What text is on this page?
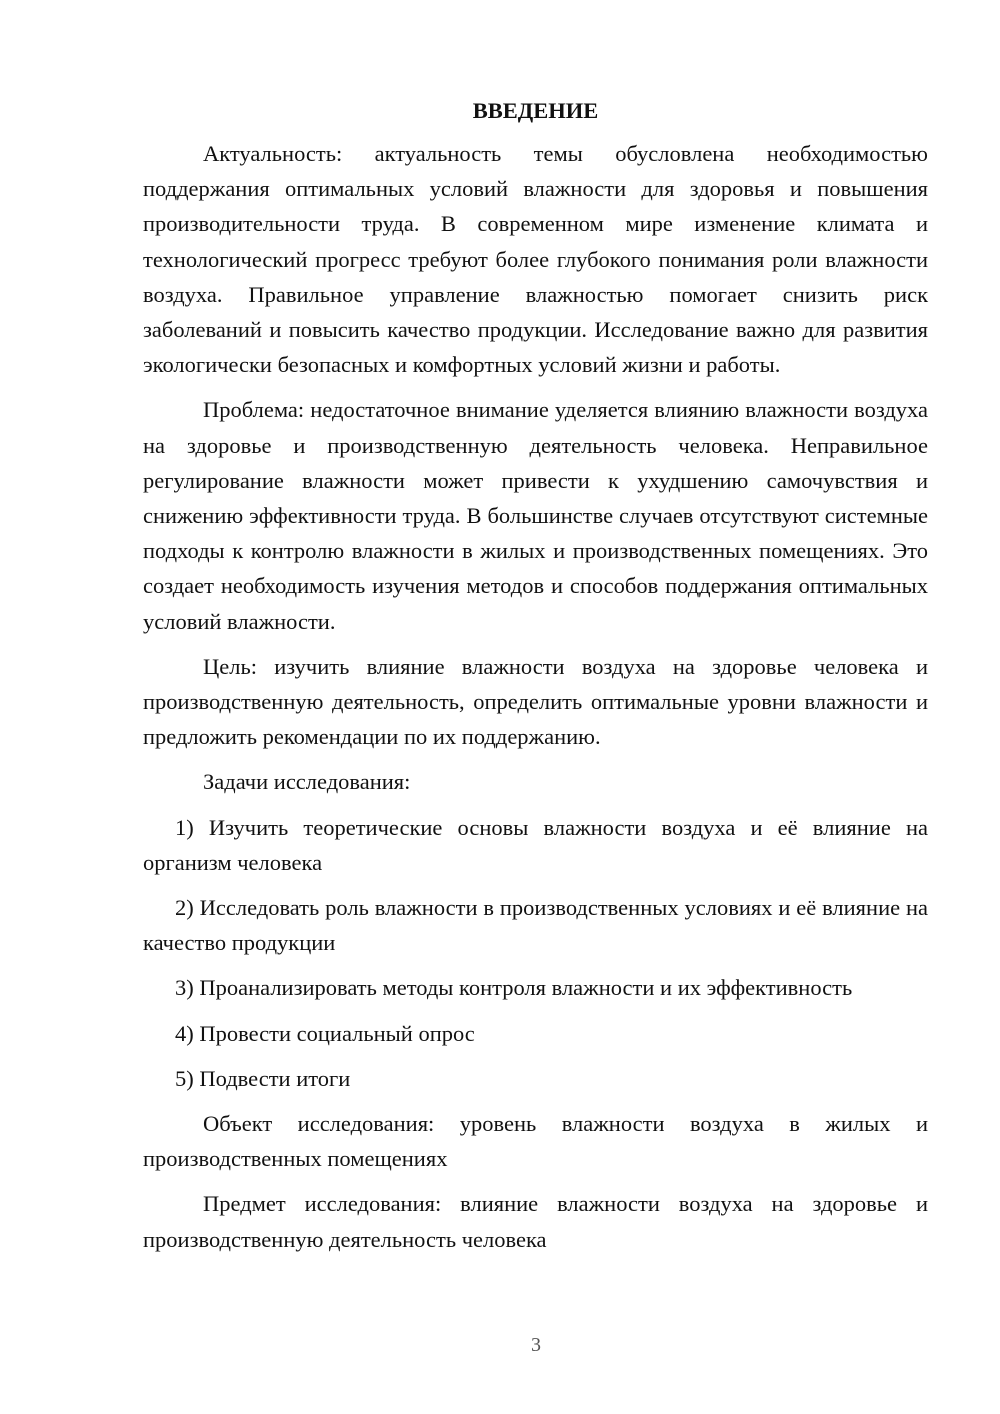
ВВЕДЕНИЕ

Актуальность: актуальность темы обусловлена необходимостью поддержания оптимальных условий влажности для здоровья и повышения производительности труда. В современном мире изменение климата и технологический прогресс требуют более глубокого понимания роли влажности воздуха. Правильное управление влажностью помогает снизить риск заболеваний и повысить качество продукции. Исследование важно для развития экологически безопасных и комфортных условий жизни и работы.

Проблема: недостаточное внимание уделяется влиянию влажности воздуха на здоровье и производственную деятельность человека. Неправильное регулирование влажности может привести к ухудшению самочувствия и снижению эффективности труда. В большинстве случаев отсутствуют системные подходы к контролю влажности в жилых и производственных помещениях. Это создает необходимость изучения методов и способов поддержания оптимальных условий влажности.

Цель: изучить влияние влажности воздуха на здоровье человека и производственную деятельность, определить оптимальные уровни влажности и предложить рекомендации по их поддержанию.

Задачи исследования:

1) Изучить теоретические основы влажности воздуха и её влияние на организм человека

2) Исследовать роль влажности в производственных условиях и её влияние на качество продукции

3) Проанализировать методы контроля влажности и их эффективность

4) Провести социальный опрос

5) Подвести итоги

Объект исследования: уровень влажности воздуха в жилых и производственных помещениях

Предмет исследования: влияние влажности воздуха на здоровье и производственную деятельность человека

3
